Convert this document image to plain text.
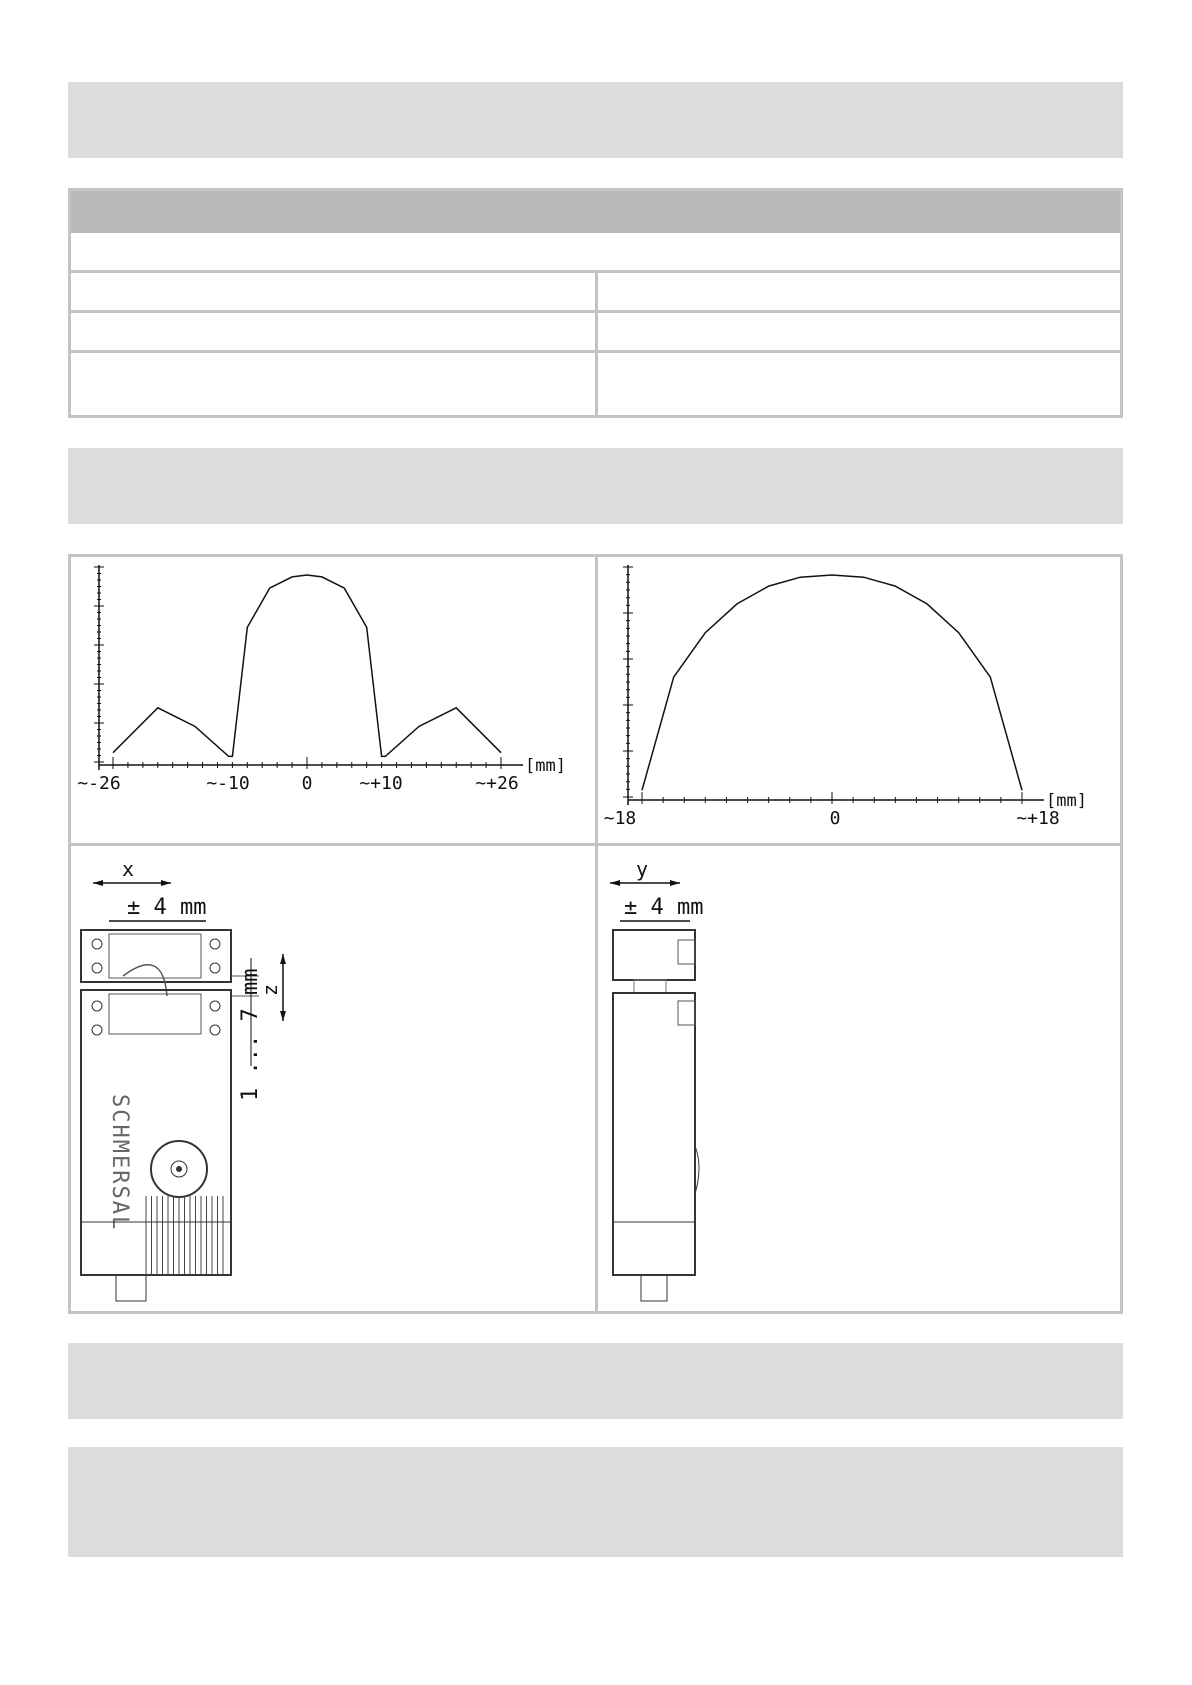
~-26	~-10	0	~+10	~+26
[mm]
~18	0	~+18
[mm]
x
± 4 mm
SCHMERSAL
1 ... 7 mm
z
y
± 4 mm
